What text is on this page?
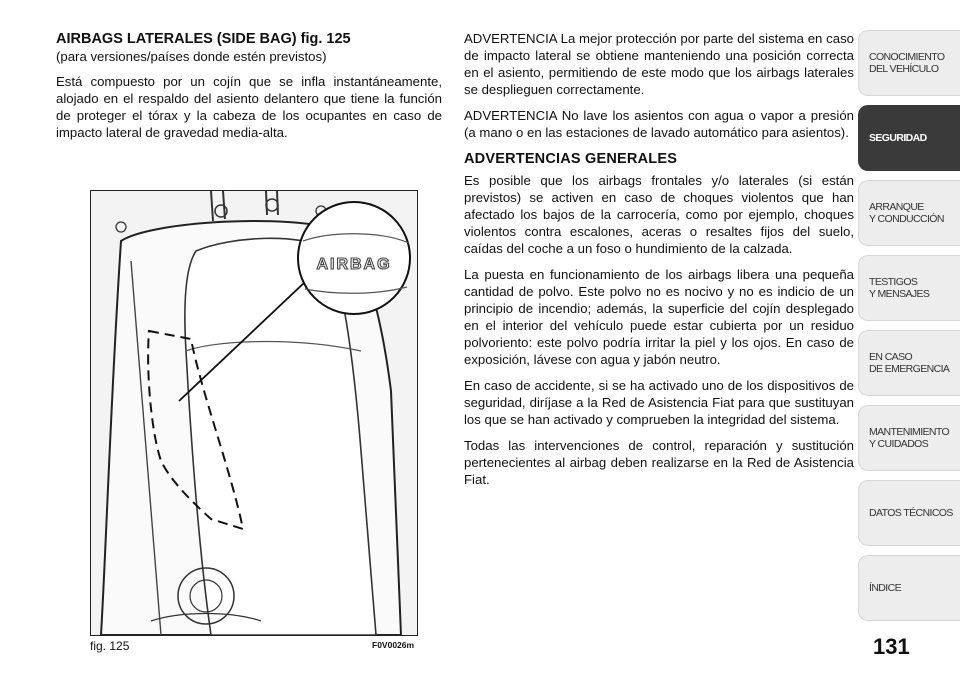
AIRBAGS LATERALES (SIDE BAG) fig. 125
(para versiones/países donde estén previstos)

Está compuesto por un cojín que se infla instantáneamente, alojado en el respaldo del asiento delantero que tiene la función de proteger el tórax y la cabeza de los ocupantes en caso de impacto lateral de gravedad media-alta.

AIRBAG
fig. 125	F0V0026m

ADVERTENCIA La mejor protección por parte del sistema en caso de impacto lateral se obtiene manteniendo una posición correcta en el asiento, permitiendo de este modo que los airbags laterales se desplieguen correctamente.

ADVERTENCIA No lave los asientos con agua o vapor a presión (a mano o en las estaciones de lavado automático para asientos).

ADVERTENCIAS GENERALES

Es posible que los airbags frontales y/o laterales (si están previstos) se activen en caso de choques violentos que han afectado los bajos de la carrocería, como por ejemplo, choques violentos contra escalones, aceras o resaltes fijos del suelo, caídas del coche a un foso o hundimiento de la calzada.

La puesta en funcionamiento de los airbags libera una pequeña cantidad de polvo. Este polvo no es nocivo y no es indicio de un principio de incendio; además, la superficie del cojín desplegado en el interior del vehículo puede estar cubierta por un residuo polvoriento: este polvo podría irritar la piel y los ojos. En caso de exposición, lávese con agua y jabón neutro.

En caso de accidente, si se ha activado uno de los dispositivos de seguridad, diríjase a la Red de Asistencia Fiat para que sustituyan los que se han activado y comprueben la integridad del sistema.

Todas las intervenciones de control, reparación y sustitución pertenecientes al airbag deben realizarse en la Red de Asistencia Fiat.

CONOCIMIENTO
DEL VEHÍCULO
SEGURIDAD
ARRANQUE
Y CONDUCCIÓN
TESTIGOS
Y MENSAJES
EN CASO
DE EMERGENCIA
MANTENIMIENTO
Y CUIDADOS
DATOS TÉCNICOS
ÍNDICE
131
